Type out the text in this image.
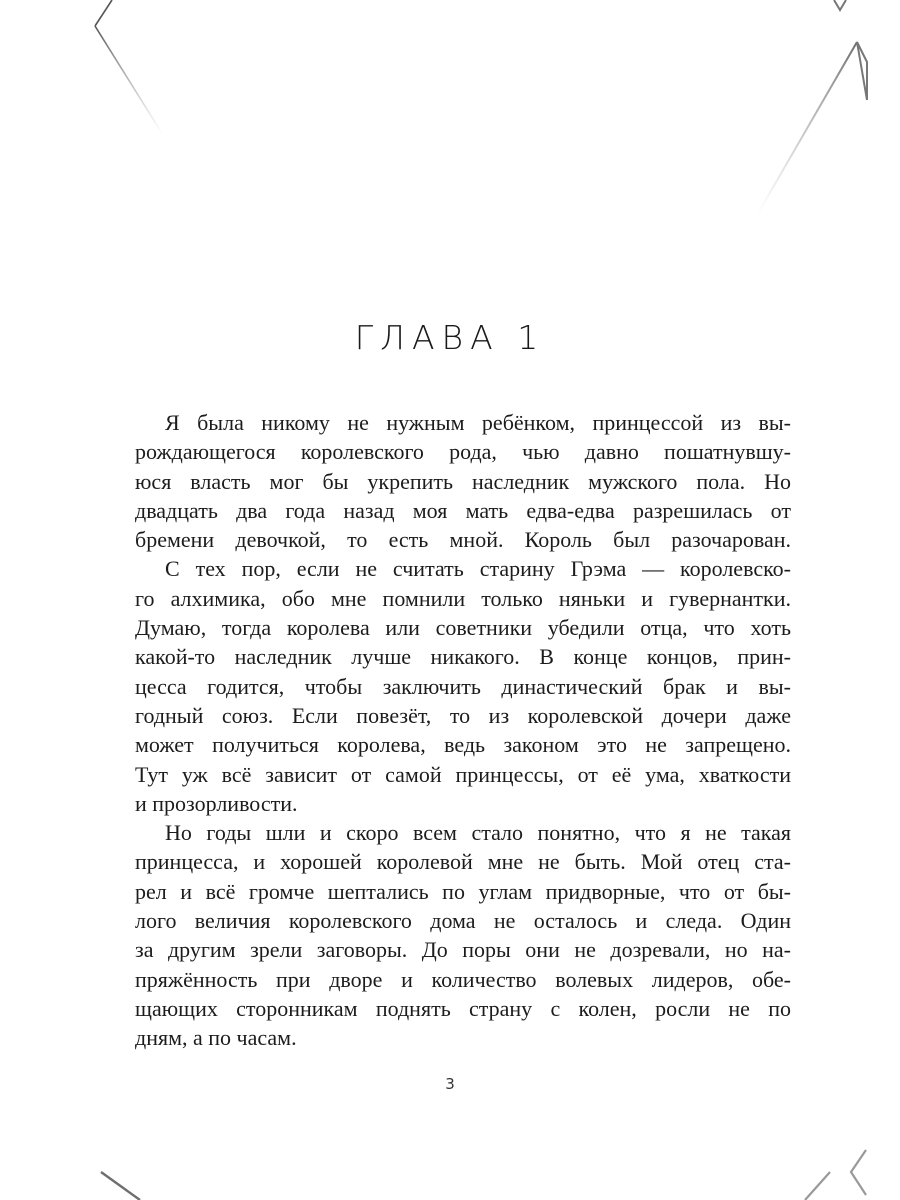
ГЛАВА 1

Я была никому не нужным ребёнком, принцессой из вы-
рождающегося королевского рода, чью давно пошатнувшу-
юся власть мог бы укрепить наследник мужского пола. Но
двадцать два года назад моя мать едва-едва разрешилась от
бремени девочкой, то есть мной. Король был разочарован.

С тех пор, если не считать старину Грэма — королевско-
го алхимика, обо мне помнили только няньки и гувернантки.
Думаю, тогда королева или советники убедили отца, что хоть
какой-то наследник лучше никакого. В конце концов, прин-
цесса годится, чтобы заключить династический брак и вы-
годный союз. Если повезёт, то из королевской дочери даже
может получиться королева, ведь законом это не запрещено.
Тут уж всё зависит от самой принцессы, от её ума, хваткости
и прозорливости.

Но годы шли и скоро всем стало понятно, что я не такая
принцесса, и хорошей королевой мне не быть. Мой отец ста-
рел и всё громче шептались по углам придворные, что от бы-
лого величия королевского дома не осталось и следа. Один
за другим зрели заговоры. До поры они не дозревали, но на-
пряжённость при дворе и количество волевых лидеров, обе-
щающих сторонникам поднять страну с колен, росли не по
дням, а по часам.

3
